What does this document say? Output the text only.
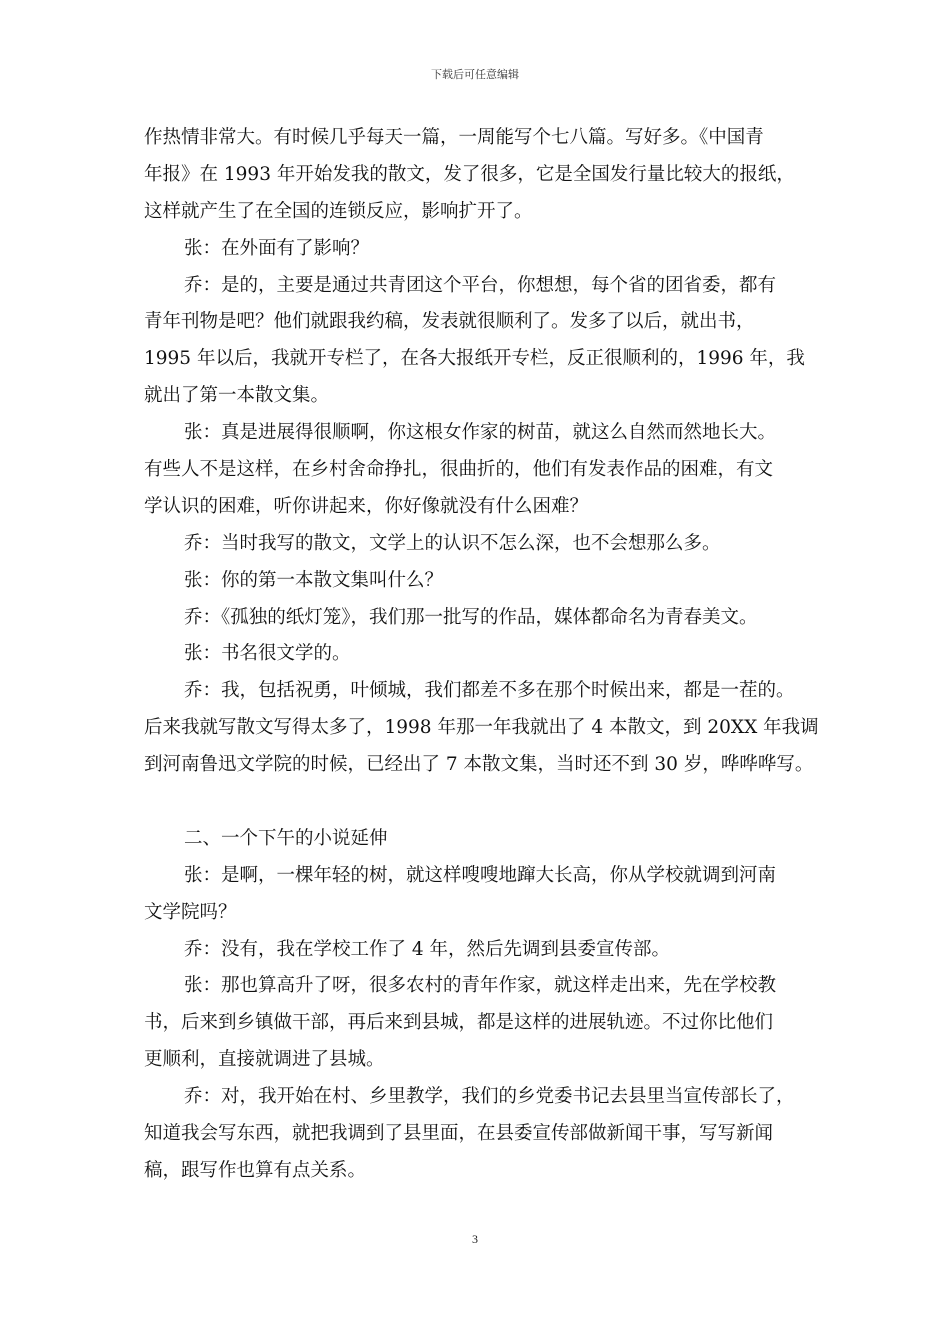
下载后可任意编辑
作热情非常大。有时候几乎每天一篇，一周能写个七八篇。写好多。《中国青
年报》在 1993 年开始发我的散文，发了很多，它是全国发行量比较大的报纸，
这样就产生了在全国的连锁反应，影响扩开了。
张：在外面有了影响？
乔：是的，主要是通过共青团这个平台，你想想，每个省的团省委，都有
青年刊物是吧？他们就跟我约稿，发表就很顺利了。发多了以后，就出书，
1995 年以后，我就开专栏了，在各大报纸开专栏，反正很顺利的，1996 年，我
就出了第一本散文集。
张：真是进展得很顺啊，你这根女作家的树苗，就这么自然而然地长大。
有些人不是这样，在乡村舍命挣扎，很曲折的，他们有发表作品的困难，有文
学认识的困难，听你讲起来，你好像就没有什么困难？
乔：当时我写的散文，文学上的认识不怎么深，也不会想那么多。
张：你的第一本散文集叫什么？
乔：《孤独的纸灯笼》，我们那一批写的作品，媒体都命名为青春美文。
张：书名很文学的。
乔：我，包括祝勇，叶倾城，我们都差不多在那个时候出来，都是一茬的。
后来我就写散文写得太多了，1998 年那一年我就出了 4 本散文，到 20XX 年我调
到河南鲁迅文学院的时候，已经出了 7 本散文集，当时还不到 30 岁，哗哗哗写。
二、一个下午的小说延伸
张：是啊，一棵年轻的树，就这样嗖嗖地蹿大长高，你从学校就调到河南
文学院吗？
乔：没有，我在学校工作了 4 年，然后先调到县委宣传部。
张：那也算高升了呀，很多农村的青年作家，就这样走出来，先在学校教
书，后来到乡镇做干部，再后来到县城，都是这样的进展轨迹。不过你比他们
更顺利，直接就调进了县城。
乔：对，我开始在村、乡里教学，我们的乡党委书记去县里当宣传部长了，
知道我会写东西，就把我调到了县里面，在县委宣传部做新闻干事，写写新闻
稿，跟写作也算有点关系。
3
